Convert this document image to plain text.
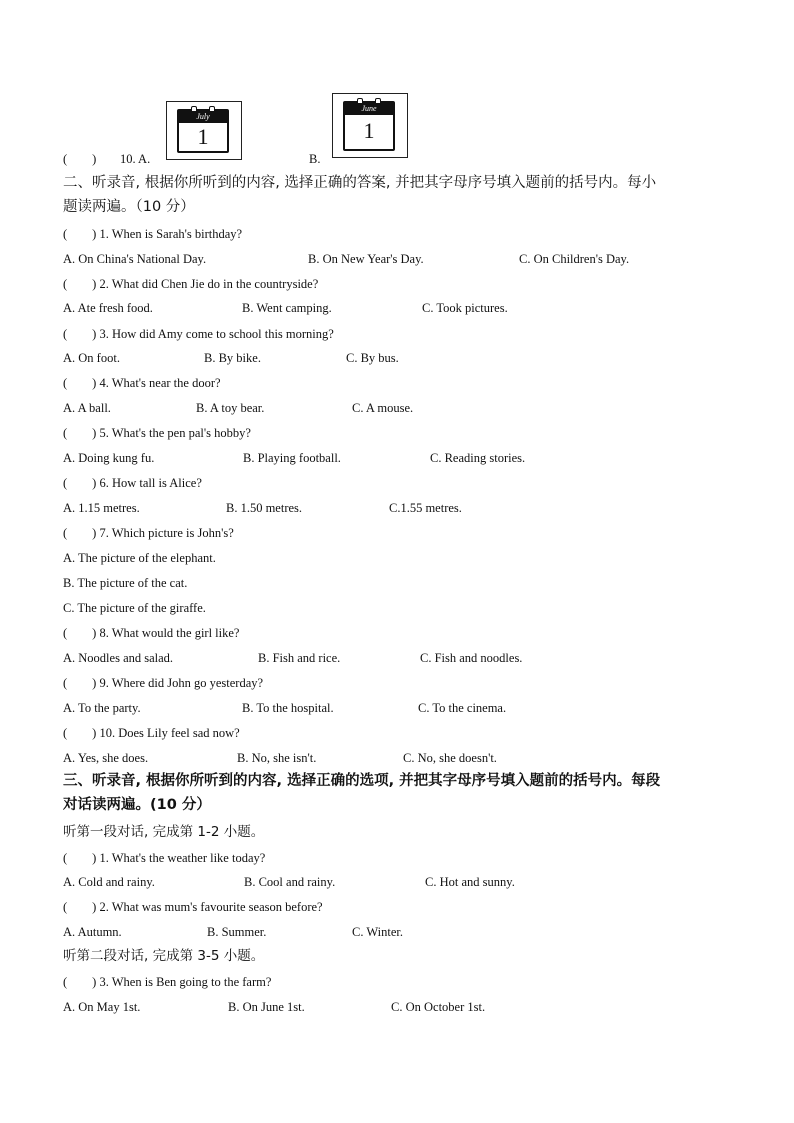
(　　) 10. A.
July
1
B.
June
1
二、听录音, 根据你所听到的内容, 选择正确的答案, 并把其字母序号填入题前的括号内。每小
题读两遍。（10 分）
(　　) 1. When is Sarah's birthday?
A. On China's National Day.	B. On New Year's Day.	C. On Children's Day.
(　　) 2. What did Chen Jie do in the countryside?
A. Ate fresh food.	B. Went camping.	C. Took pictures.
(　　) 3. How did Amy come to school this morning?
A. On foot.	B. By bike.	C. By bus.
(　　) 4. What's near the door?
A. A ball.	B. A toy bear.	C. A mouse.
(　　) 5. What's the pen pal's hobby?
A. Doing kung fu.	B. Playing football.	C. Reading stories.
(　　) 6. How tall is Alice?
A. 1.15 metres.	B. 1.50 metres.	C.1.55 metres.
(　　) 7. Which picture is John's?
A. The picture of the elephant.
B. The picture of the cat.
C. The picture of the giraffe.
(　　) 8. What would the girl like?
A. Noodles and salad.	B. Fish and rice.	C. Fish and noodles.
(　　) 9. Where did John go yesterday?
A. To the party.	B. To the hospital.	C. To the cinema.
(　　) 10. Does Lily feel sad now?
A. Yes, she does.	B. No, she isn't.	C. No, she doesn't.
三、听录音, 根据你所听到的内容, 选择正确的选项, 并把其字母序号填入题前的括号内。每段
对话读两遍。(10 分）
听第一段对话, 完成第 1-2 小题。
(　　) 1. What's the weather like today?
A. Cold and rainy.	B. Cool and rainy.	C. Hot and sunny.
(　　) 2. What was mum's favourite season before?
A. Autumn.	B. Summer.	C. Winter.
听第二段对话, 完成第 3-5 小题。
(　　) 3. When is Ben going to the farm?
A. On May 1st.	B. On June 1st.	C. On October 1st.
